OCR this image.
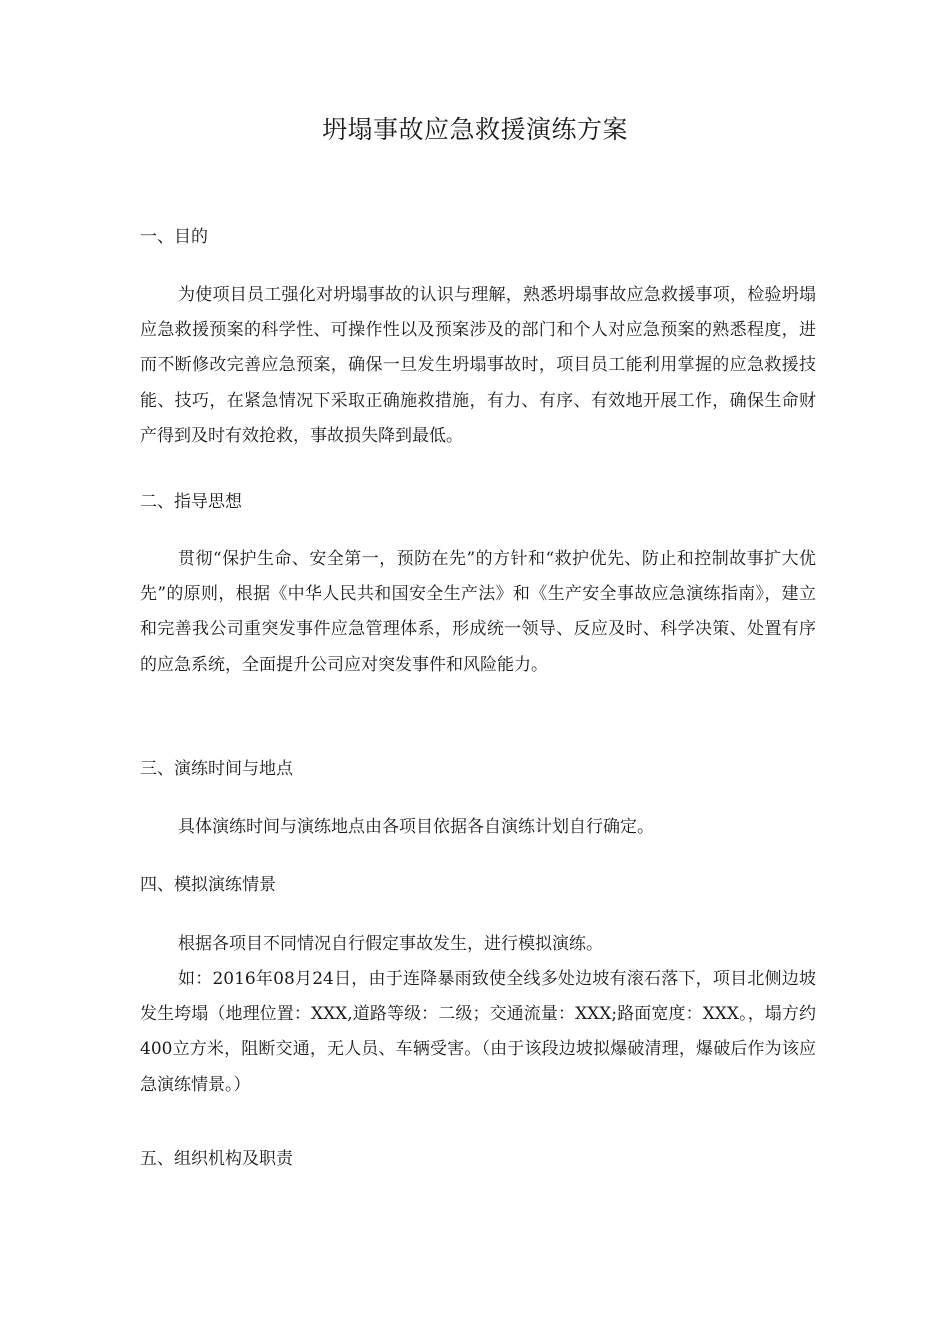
坍塌事故应急救援演练方案
一、目的

为使项目员工强化对坍塌事故的认识与理解，熟悉坍塌事故应急救援事项，检验坍塌应急救援预案的科学性、可操作性以及预案涉及的部门和个人对应急预案的熟悉程度，进而不断修改完善应急预案，确保一旦发生坍塌事故时，项目员工能利用掌握的应急救援技能、技巧，在紧急情况下采取正确施救措施，有力、有序、有效地开展工作，确保生命财产得到及时有效抢救，事故损失降到最低。

二、指导思想

贯彻“保护生命、安全第一，预防在先”的方针和“救护优先、防止和控制故事扩大优先”的原则，根据《中华人民共和国安全生产法》和《生产安全事故应急演练指南》，建立和完善我公司重突发事件应急管理体系，形成统一领导、反应及时、科学决策、处置有序的应急系统，全面提升公司应对突发事件和风险能力。

三、演练时间与地点

具体演练时间与演练地点由各项目依据各自演练计划自行确定。

四、模拟演练情景

根据各项目不同情况自行假定事故发生，进行模拟演练。

如：2016年08月24日，由于连降暴雨致使全线多处边坡有滚石落下，项目北侧边坡发生垮塌（地理位置：XXX,道路等级：二级；交通流量：XXX;路面宽度：XXX。，塌方约400立方米，阻断交通，无人员、车辆受害。（由于该段边坡拟爆破清理，爆破后作为该应急演练情景。）

五、组织机构及职责
